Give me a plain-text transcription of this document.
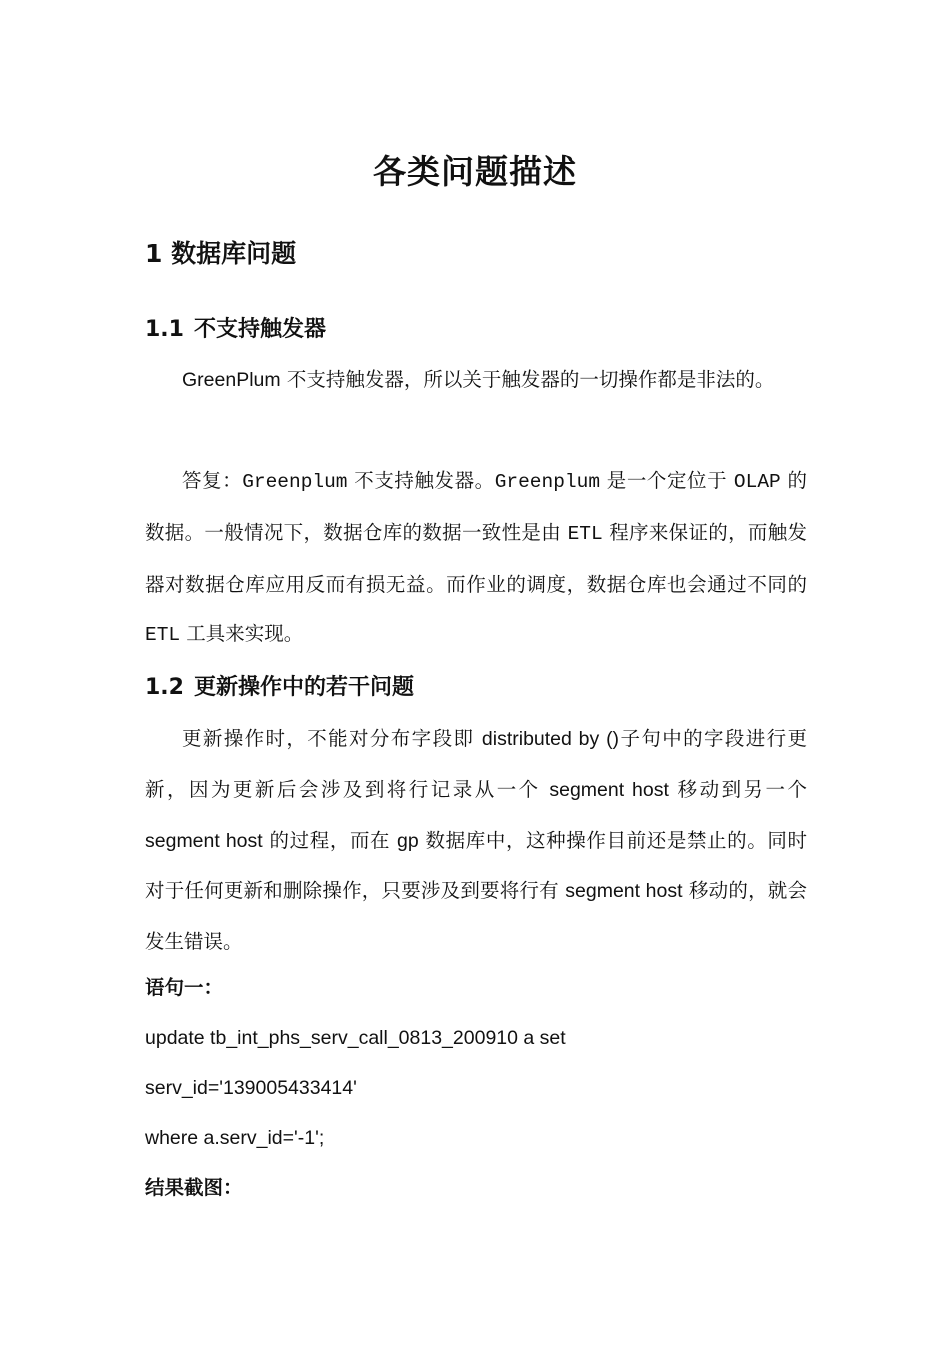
各类问题描述
1 数据库问题
1.1 不支持触发器

GreenPlum 不支持触发器，所以关于触发器的一切操作都是非法的。

答复：Greenplum 不支持触发器。Greenplum 是一个定位于 OLAP 的数据。一般情况下，数据仓库的数据一致性是由 ETL 程序来保证的，而触发器对数据仓库应用反而有损无益。而作业的调度，数据仓库也会通过不同的 ETL 工具来实现。

1.2 更新操作中的若干问题

更新操作时，不能对分布字段即 distributed by ()子句中的字段进行更新，因为更新后会涉及到将行记录从一个 segment host 移动到另一个 segment host 的过程，而在 gp 数据库中，这种操作目前还是禁止的。同时对于任何更新和删除操作，只要涉及到要将行有 segment host 移动的，就会发生错误。

语句一：

update tb_int_phs_serv_call_0813_200910 a set

serv_id='139005433414'

where a.serv_id='-1';

结果截图：
